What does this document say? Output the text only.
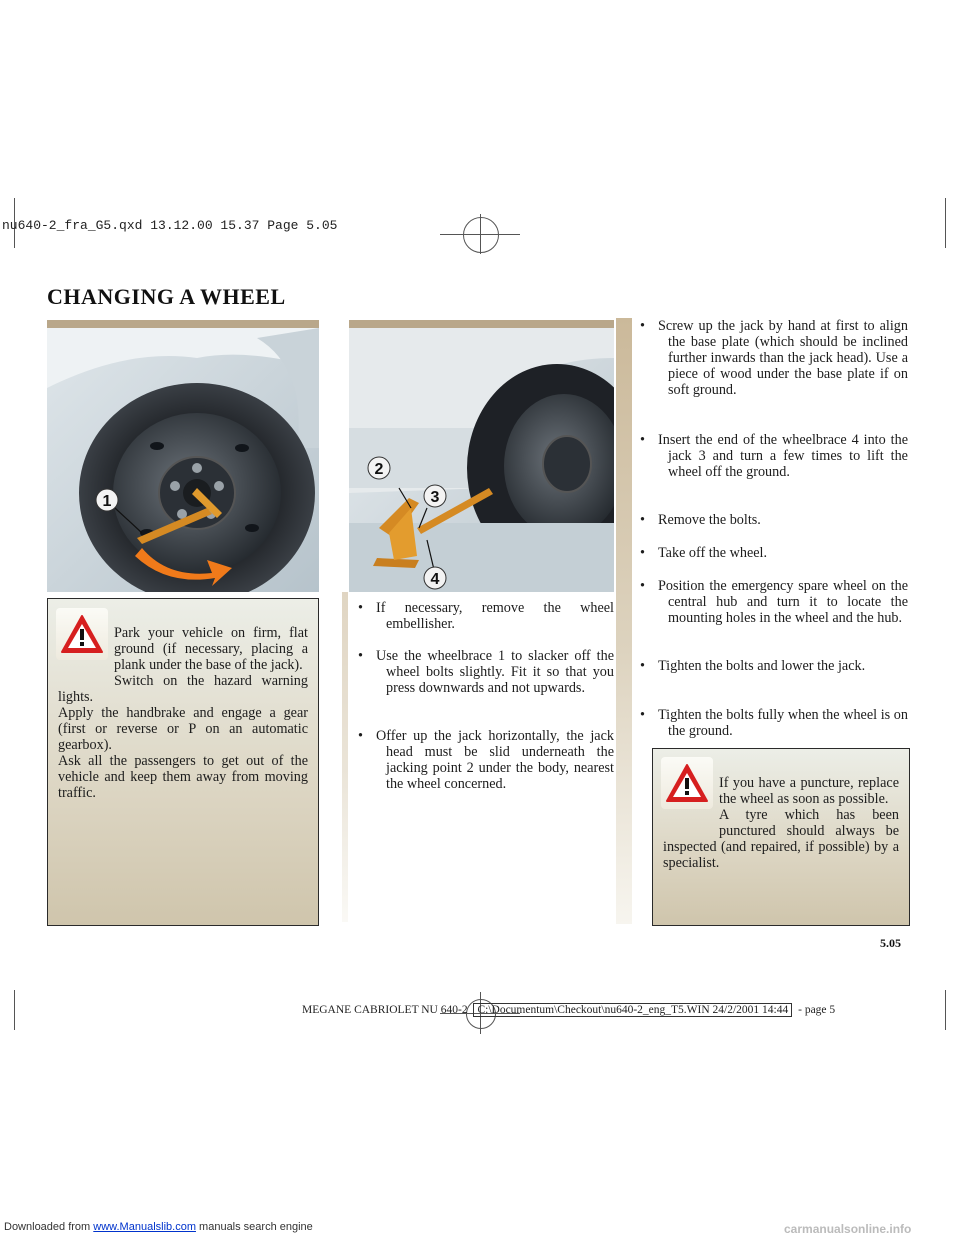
nu640-2_fra_G5.qxd 13.12.00 15.37 Page 5.05
CHANGING A WHEEL
1
2
3
4

Park your vehicle on firm, flat ground (if necessary, placing a plank under the base of the jack).
Switch on the hazard warning lights.
Apply the handbrake and engage a gear (first or reverse or P on an automatic gearbox).
Ask all the passengers to get out of the vehicle and keep them away from moving traffic.

• If necessary, remove the wheel embellisher.
• Use the wheelbrace 1 to slacker off the wheel bolts slightly. Fit it so that you press downwards and not upwards.
• Offer up the jack horizontally, the jack head must be slid underneath the jacking point 2 under the body, nearest the wheel concerned.
• Screw up the jack by hand at first to align the base plate (which should be inclined further inwards than the jack head). Use a piece of wood under the base plate if on soft ground.
• Insert the end of the wheelbrace 4 into the jack 3 and turn a few times to lift the wheel off the ground.
• Remove the bolts.
• Take off the wheel.
• Position the emergency spare wheel on the central hub and turn it to locate the mounting holes in the wheel and the hub.
• Tighten the bolts and lower the jack.
• Tighten the bolts fully when the wheel is on the ground.

If you have a puncture, replace the wheel as soon as possible.
A tyre which has been punctured should always be inspected (and repaired, if possible) by a specialist.

5.05
MEGANE CABRIOLET NU 640-2 C:\Documentum\Checkout\nu640-2_eng_T5.WIN 24/2/2001 14:44 - page 5
Downloaded from www.Manualslib.com manuals search engine	carmanualsonline.info
